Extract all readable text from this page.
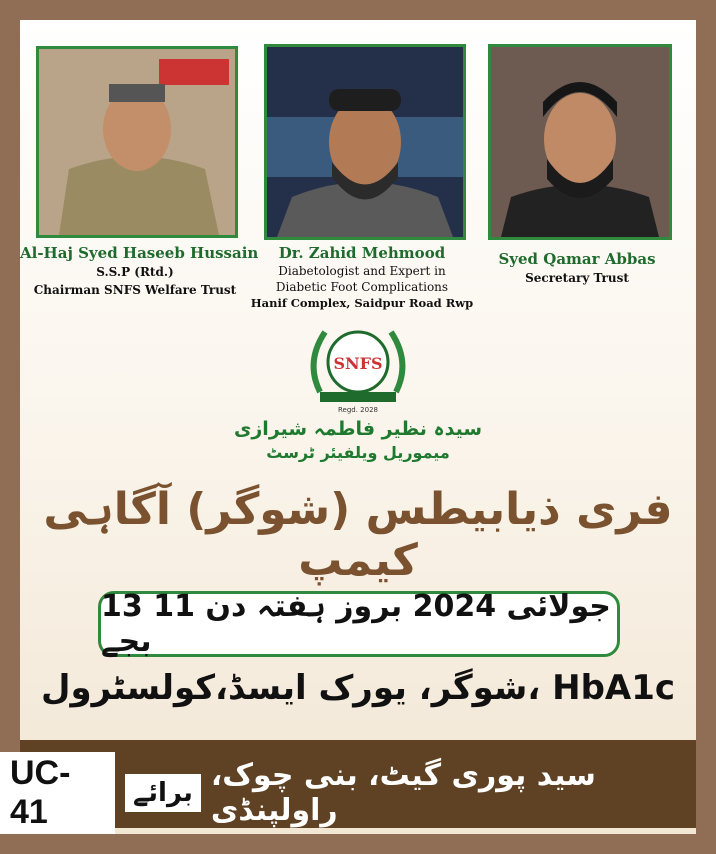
Al-Haj Syed Haseeb Hussain
S.S.P (Rtd.)
Chairman SNFS Welfare Trust
Dr. Zahid Mehmood
Diabetologist and Expert in
Diabetic Foot Complications
Hanif Complex, Saidpur Road Rwp
Syed Qamar Abbas
Secretary Trust
SNFS
Regd. 2028
سیدہ نظیر فاطمہ شیرازی
میموریل ویلفیئر ٹرسٹ
فری ذیابیطس (شوگر) آگاہی کیمپ
13 جولائی 2024 بروز ہفتہ دن 11 بجے
شوگر، یورک ایسڈ،کولسٹرول، HbA1c
UC-41	برائے سید پوری گیٹ، بنی چوک، راولپنڈی
